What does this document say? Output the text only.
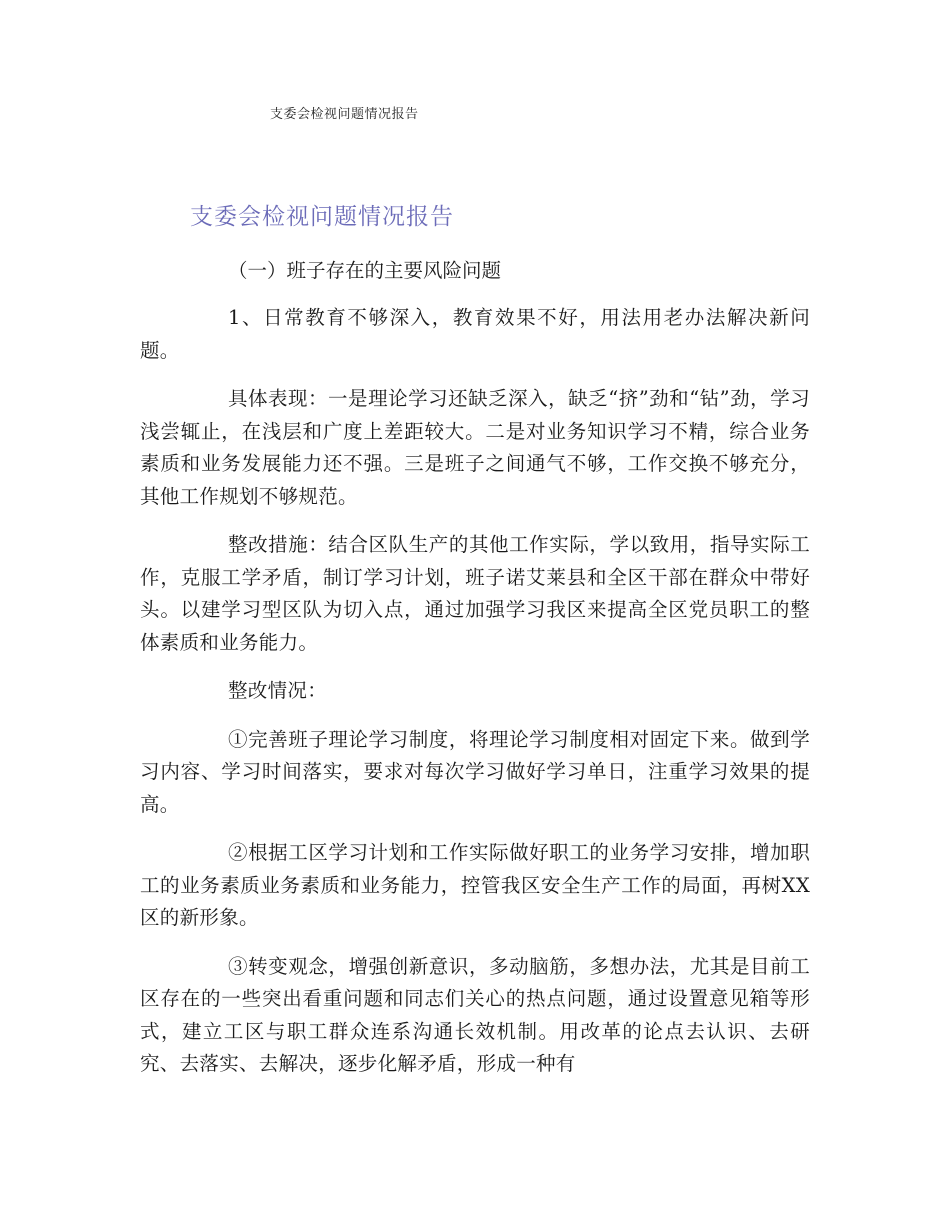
支委会检视问题情况报告
支委会检视问题情况报告
（一）班子存在的主要风险问题

1、日常教育不够深入，教育效果不好，用法用老办法解决新问题。

具体表现：一是理论学习还缺乏深入，缺乏“挤”劲和“钻”劲，学习浅尝辄止，在浅层和广度上差距较大。二是对业务知识学习不精，综合业务素质和业务发展能力还不强。三是班子之间通气不够，工作交换不够充分，其他工作规划不够规范。

整改措施：结合区队生产的其他工作实际，学以致用，指导实际工作，克服工学矛盾，制订学习计划，班子诺艾莱县和全区干部在群众中带好头。以建学习型区队为切入点，通过加强学习我区来提高全区党员职工的整体素质和业务能力。

整改情况：

①完善班子理论学习制度，将理论学习制度相对固定下来。做到学习内容、学习时间落实，要求对每次学习做好学习单日，注重学习效果的提高。

②根据工区学习计划和工作实际做好职工的业务学习安排，增加职工的业务素质业务素质和业务能力，控管我区安全生产工作的局面，再树XX区的新形象。

③转变观念，增强创新意识，多动脑筋，多想办法，尤其是目前工区存在的一些突出看重问题和同志们关心的热点问题，通过设置意见箱等形式，建立工区与职工群众连系沟通长效机制。用改革的论点去认识、去研究、去落实、去解决，逐步化解矛盾，形成一种有
